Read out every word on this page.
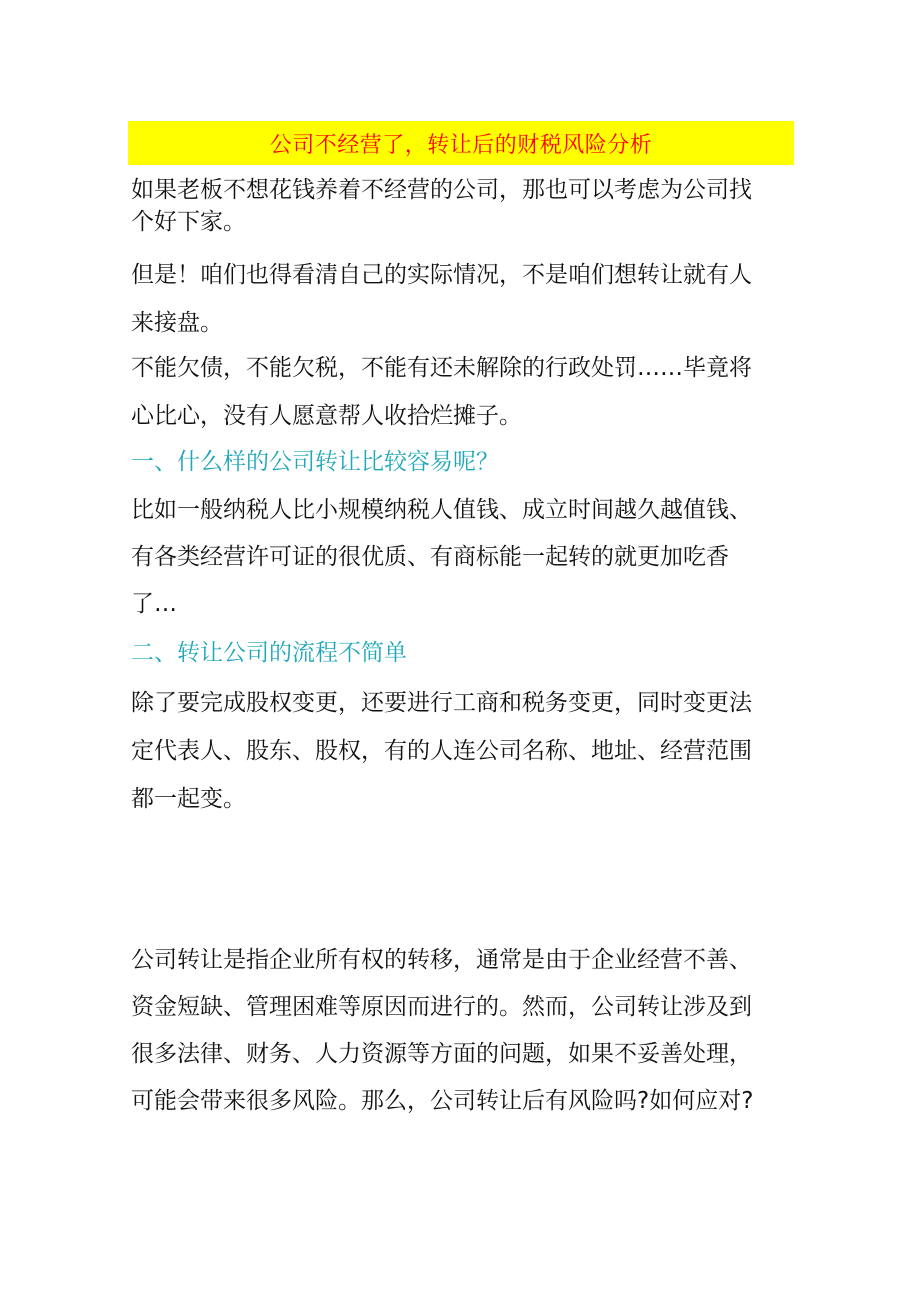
公司不经营了，转让后的财税风险分析
如果老板不想花钱养着不经营的公司，那也可以考虑为公司找
个好下家。
但是！咱们也得看清自己的实际情况，不是咱们想转让就有人
来接盘。
不能欠债，不能欠税，不能有还未解除的行政处罚……毕竟将
心比心，没有人愿意帮人收拾烂摊子。
一、什么样的公司转让比较容易呢？
比如一般纳税人比小规模纳税人值钱、成立时间越久越值钱、
有各类经营许可证的很优质、有商标能一起转的就更加吃香
了…
二、转让公司的流程不简单
除了要完成股权变更，还要进行工商和税务变更，同时变更法
定代表人、股东、股权，有的人连公司名称、地址、经营范围
都一起变。
公司转让是指企业所有权的转移，通常是由于企业经营不善、
资金短缺、管理困难等原因而进行的。然而，公司转让涉及到
很多法律、财务、人力资源等方面的问题，如果不妥善处理，
可能会带来很多风险。那么，公司转让后有风险吗?如何应对?
